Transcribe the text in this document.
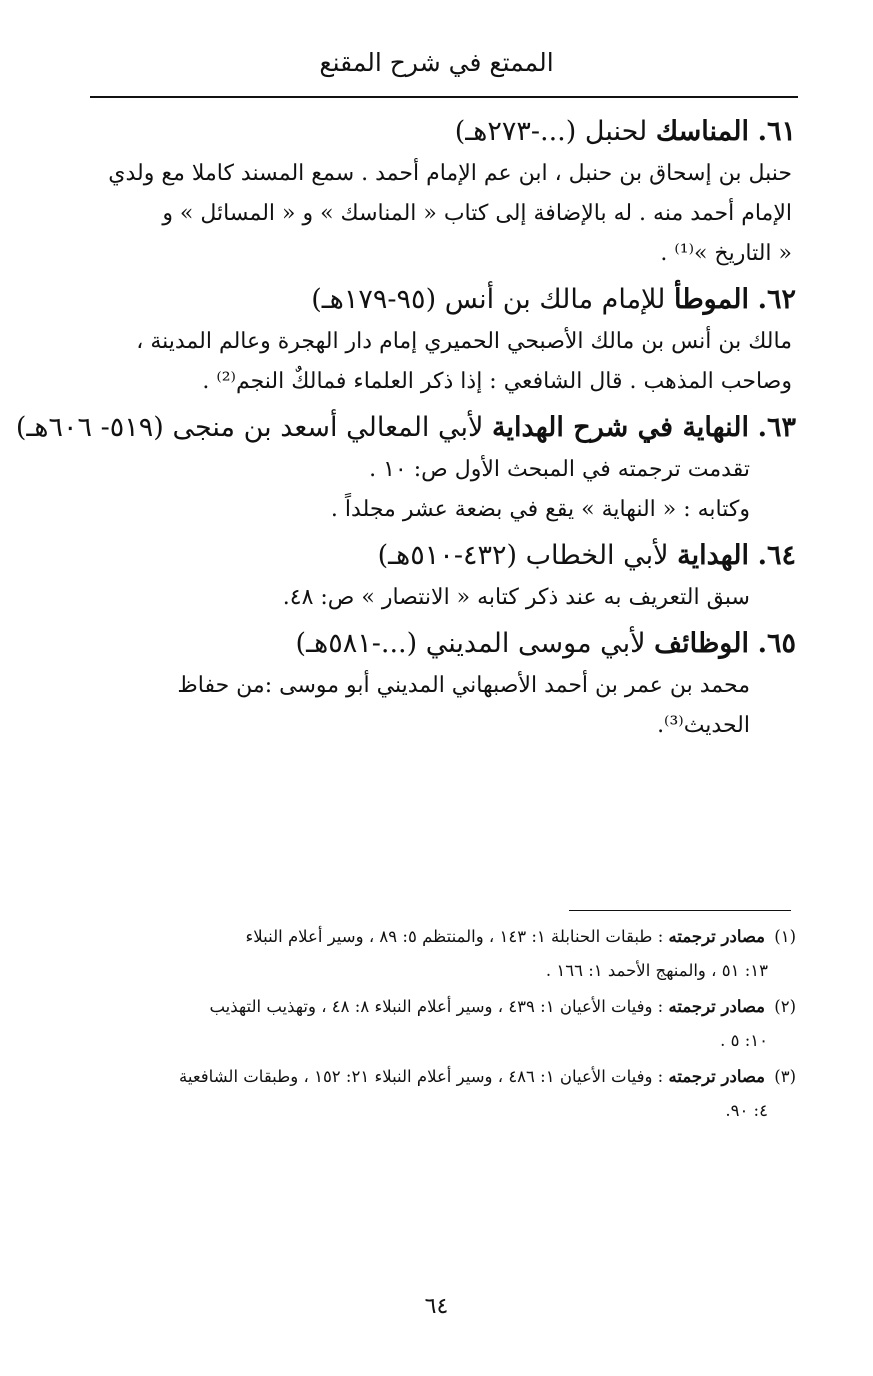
الممتع في شرح المقنع
٦١. المناسك لحنبل (...-٢٧٣هـ)
حنبل بن إسحاق بن حنبل ، ابن عم الإمام أحمد . سمع المسند كاملا مع ولدي
الإمام أحمد منه . له بالإضافة إلى كتاب « المناسك » و « المسائل » و
« التاريخ »⁽¹⁾ .
٦٢. الموطأ للإمام مالك بن أنس (٩٥-١٧٩هـ)
مالك بن أنس بن مالك الأصبحي الحميري إمام دار الهجرة وعالم المدينة ،
وصاحب المذهب . قال الشافعي : إذا ذكر العلماء فمالكٌ النجم⁽²⁾ .
٦٣. النهاية في شرح الهداية لأبي المعالي أسعد بن منجى (٥١٩- ٦٠٦هـ)
تقدمت ترجمته في المبحث الأول ص: ١٠ .
وكتابه : « النهاية » يقع في بضعة عشر مجلداً .
٦٤. الهداية لأبي الخطاب (٤٣٢-٥١٠هـ)
سبق التعريف به عند ذكر كتابه « الانتصار » ص: ٤٨.
٦٥. الوظائف لأبي موسى المديني (...-٥٨١هـ)
محمد بن عمر بن أحمد الأصبهاني المديني أبو موسى :من حفاظ الحديث⁽³⁾.
(١) مصادر ترجمته : طبقات الحنابلة ١: ١٤٣ ، والمنتظم ٥: ٨٩ ، وسير أعلام النبلاء
١٣: ٥١ ، والمنهج الأحمد ١: ١٦٦ .
(٢) مصادر ترجمته : وفيات الأعيان ١: ٤٣٩ ، وسير أعلام النبلاء ٨: ٤٨ ، وتهذيب التهذيب
١٠: ٥ .
(٣) مصادر ترجمته : وفيات الأعيان ١: ٤٨٦ ، وسير أعلام النبلاء ٢١: ١٥٢ ، وطبقات الشافعية
٤: ٩٠.
٦٤
